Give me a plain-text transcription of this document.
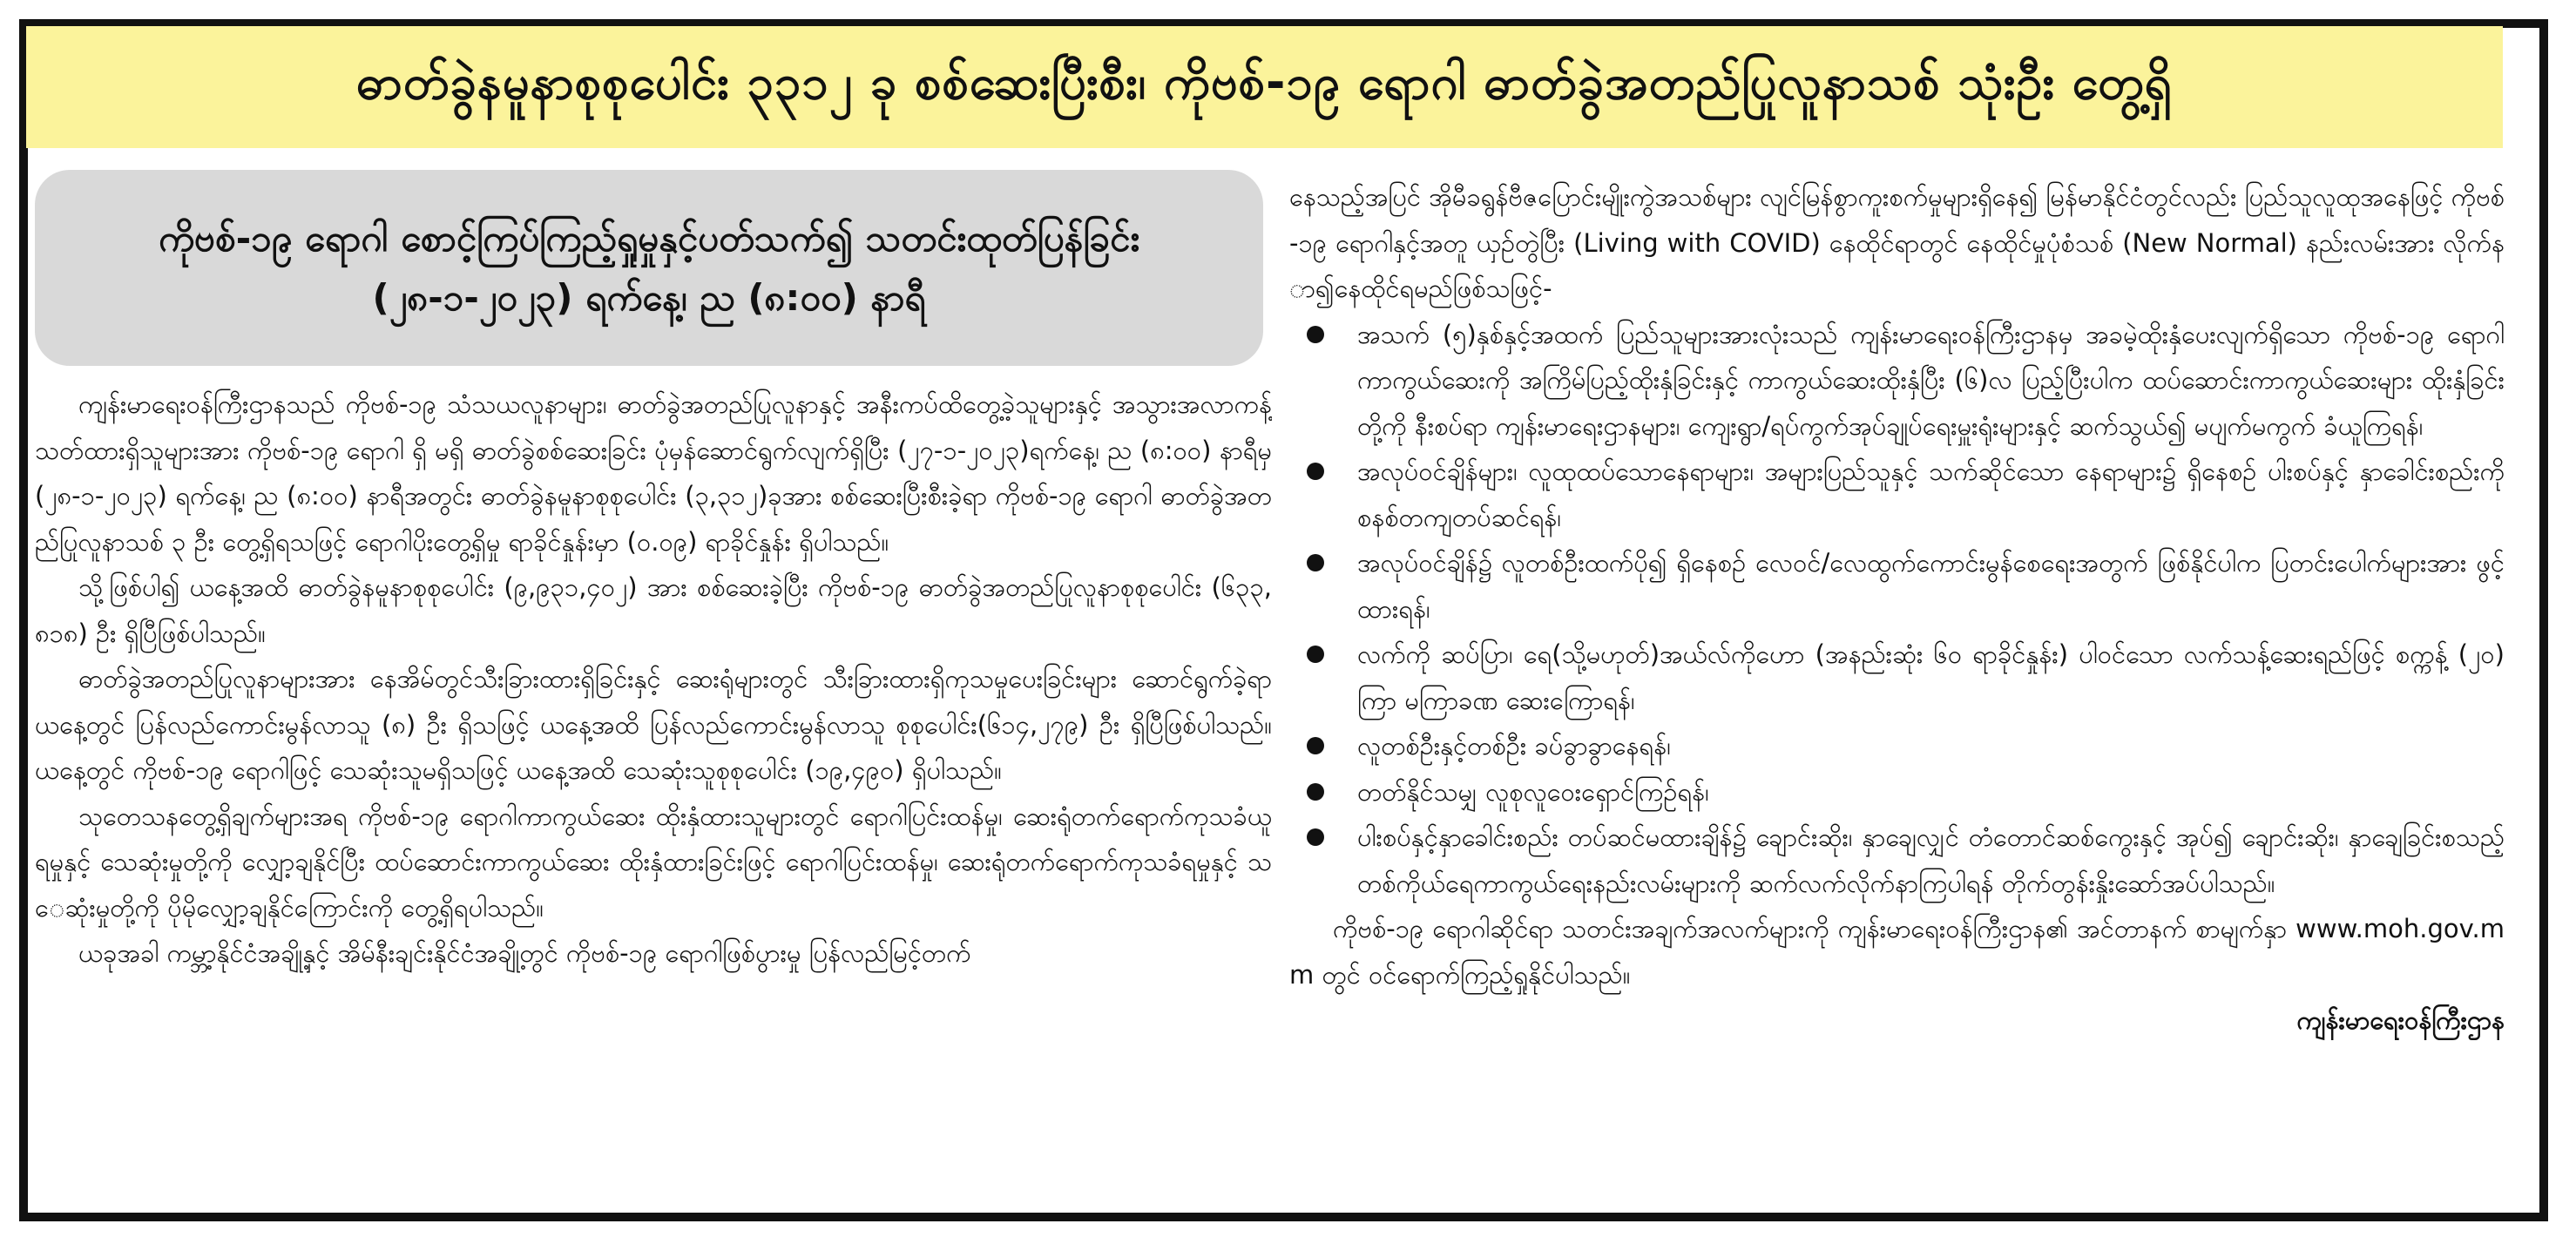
ဓာတ်ခွဲနမူနာစုစုပေါင်း ၃၃၁၂ ခု စစ်ဆေးပြီးစီး၊ ကိုဗစ်-၁၉ ရောဂါ ဓာတ်ခွဲအတည်ပြုလူနာသစ် သုံးဦး တွေ့ရှိ
ကိုဗစ်-၁၉ ရောဂါ စောင့်ကြပ်ကြည့်ရှုမှုနှင့်ပတ်သက်၍ သတင်းထုတ်ပြန်ခြင်း
(၂၈-၁-၂၀၂၃) ရက်နေ့၊ ည (၈:၀၀) နာရီ

ကျန်းမာရေးဝန်ကြီးဌာနသည် ကိုဗစ်-၁၉ သံသယလူနာများ၊ ဓာတ်ခွဲအတည်ပြုလူနာနှင့် အနီးကပ်ထိတွေ့ခဲ့သူများနှင့် အသွားအလာကန့်သတ်ထားရှိသူများအား ကိုဗစ်-၁၉ ရောဂါ ရှိ မရှိ ဓာတ်ခွဲစစ်ဆေးခြင်း ပုံမှန်ဆောင်ရွက်လျက်ရှိပြီး (၂၇-၁-၂၀၂၃)ရက်နေ့၊ ည (၈:၀၀) နာရီမှ (၂၈-၁-၂၀၂၃) ရက်နေ့၊ ည (၈:၀၀) နာရီအတွင်း ဓာတ်ခွဲနမူနာစုစုပေါင်း (၃,၃၁၂)ခုအား စစ်ဆေးပြီးစီးခဲ့ရာ ကိုဗစ်-၁၉ ရောဂါ ဓာတ်ခွဲအတည်ပြုလူနာသစ် ၃ ဦး တွေ့ရှိရသဖြင့် ရောဂါပိုးတွေ့ရှိမှု ရာခိုင်နှုန်းမှာ (၀.၀၉) ရာခိုင်နှုန်း ရှိပါသည်။

သို့ဖြစ်ပါ၍ ယနေ့အထိ ဓာတ်ခွဲနမူနာစုစုပေါင်း (၉,၉၃၁,၄၀၂) အား စစ်ဆေးခဲ့ပြီး ကိုဗစ်-၁၉ ဓာတ်ခွဲအတည်ပြုလူနာစုစုပေါင်း (၆၃၃,၈၁၈) ဦး ရှိပြီဖြစ်ပါသည်။

ဓာတ်ခွဲအတည်ပြုလူနာများအား နေအိမ်တွင်သီးခြားထားရှိခြင်းနှင့် ဆေးရုံများတွင် သီးခြားထားရှိကုသမှုပေးခြင်းများ ဆောင်ရွက်ခဲ့ရာ ယနေ့တွင် ပြန်လည်ကောင်းမွန်လာသူ (၈) ဦး ရှိသဖြင့် ယနေ့အထိ ပြန်လည်ကောင်းမွန်လာသူ စုစုပေါင်း(၆၁၄,၂၇၉) ဦး ရှိပြီဖြစ်ပါသည်။ ယနေ့တွင် ကိုဗစ်-၁၉ ရောဂါဖြင့် သေဆုံးသူမရှိသဖြင့် ယနေ့အထိ သေဆုံးသူစုစုပေါင်း (၁၉,၄၉၀) ရှိပါသည်။

သုတေသနတွေ့ရှိချက်များအရ ကိုဗစ်-၁၉ ရောဂါကာကွယ်ဆေး ထိုးနှံထားသူများတွင် ရောဂါပြင်းထန်မှု၊ ဆေးရုံတက်ရောက်ကုသခံယူရမှုနှင့် သေဆုံးမှုတို့ကို လျှော့ချနိုင်ပြီး ထပ်ဆောင်းကာကွယ်ဆေး ထိုးနှံထားခြင်းဖြင့် ရောဂါပြင်းထန်မှု၊ ဆေးရုံတက်ရောက်ကုသခံရမှုနှင့် သေဆုံးမှုတို့ကို ပိုမိုလျှော့ချနိုင်ကြောင်းကို တွေ့ရှိရပါသည်။

ယခုအခါ ကမ္ဘာ့နိုင်ငံအချို့နှင့် အိမ်နီးချင်းနိုင်ငံအချို့တွင် ကိုဗစ်-၁၉ ရောဂါဖြစ်ပွားမှု ပြန်လည်မြင့်တက်

နေသည့်အပြင် အိုမီခရွန်ဗီဇပြောင်းမျိုးကွဲအသစ်များ လျင်မြန်စွာကူးစက်မှုများရှိနေ၍ မြန်မာနိုင်ငံတွင်လည်း ပြည်သူလူထုအနေဖြင့် ကိုဗစ်-၁၉ ရောဂါနှင့်အတူ ယှဉ်တွဲပြီး (Living with COVID) နေထိုင်ရာတွင် နေထိုင်မှုပုံစံသစ် (New Normal) နည်းလမ်းအား လိုက်နာ၍နေထိုင်ရမည်ဖြစ်သဖြင့်-

အသက် (၅)နှစ်နှင့်အထက် ပြည်သူများအားလုံးသည် ကျန်းမာရေးဝန်ကြီးဌာနမှ အခမဲ့ထိုးနှံပေးလျက်ရှိသော ကိုဗစ်-၁၉ ရောဂါ ကာကွယ်ဆေးကို အကြိမ်ပြည့်ထိုးနှံခြင်းနှင့် ကာကွယ်ဆေးထိုးနှံပြီး (၆)လ ပြည့်ပြီးပါက ထပ်ဆောင်းကာကွယ်ဆေးများ ထိုးနှံခြင်းတို့ကို နီးစပ်ရာ ကျန်းမာရေးဌာနများ၊ ကျေးရွာ/ရပ်ကွက်အုပ်ချုပ်ရေးမှူးရုံးများနှင့် ဆက်သွယ်၍ မပျက်မကွက် ခံယူကြရန်၊
အလုပ်ဝင်ချိန်များ၊ လူထုထပ်သောနေရာများ၊ အများပြည်သူနှင့် သက်ဆိုင်သော နေရာများ၌ ရှိနေစဉ် ပါးစပ်နှင့် နှာခေါင်းစည်းကို စနစ်တကျတပ်ဆင်ရန်၊
အလုပ်ဝင်ချိန်၌ လူတစ်ဦးထက်ပို၍ ရှိနေစဉ် လေဝင်/လေထွက်ကောင်းမွန်စေရေးအတွက် ဖြစ်နိုင်ပါက ပြတင်းပေါက်များအား ဖွင့်ထားရန်၊
လက်ကို ဆပ်ပြာ၊ ရေ(သို့မဟုတ်)အယ်လ်ကိုဟော (အနည်းဆုံး ၆၀ ရာခိုင်နှုန်း) ပါဝင်သော လက်သန့်ဆေးရည်ဖြင့် စက္ကန့် (၂၀) ကြာ မကြာခဏ ဆေးကြောရန်၊
လူတစ်ဦးနှင့်တစ်ဦး ခပ်ခွာခွာနေရန်၊
တတ်နိုင်သမျှ လူစုလူဝေးရှောင်ကြဉ်ရန်၊
ပါးစပ်နှင့်နှာခေါင်းစည်း တပ်ဆင်မထားချိန်၌ ချောင်းဆိုး၊ နှာချေလျှင် တံတောင်ဆစ်ကွေးနှင့် အုပ်၍ ချောင်းဆိုး၊ နှာချေခြင်းစသည့် တစ်ကိုယ်ရေကာကွယ်ရေးနည်းလမ်းများကို ဆက်လက်လိုက်နာကြပါရန် တိုက်တွန်းနှိုးဆော်အပ်ပါသည်။

ကိုဗစ်-၁၉ ရောဂါဆိုင်ရာ သတင်းအချက်အလက်များကို ကျန်းမာရေးဝန်ကြီးဌာန၏ အင်တာနက် စာမျက်နှာ www.moh.gov.mm တွင် ဝင်ရောက်ကြည့်ရှုနိုင်ပါသည်။

ကျန်းမာရေးဝန်ကြီးဌာန
